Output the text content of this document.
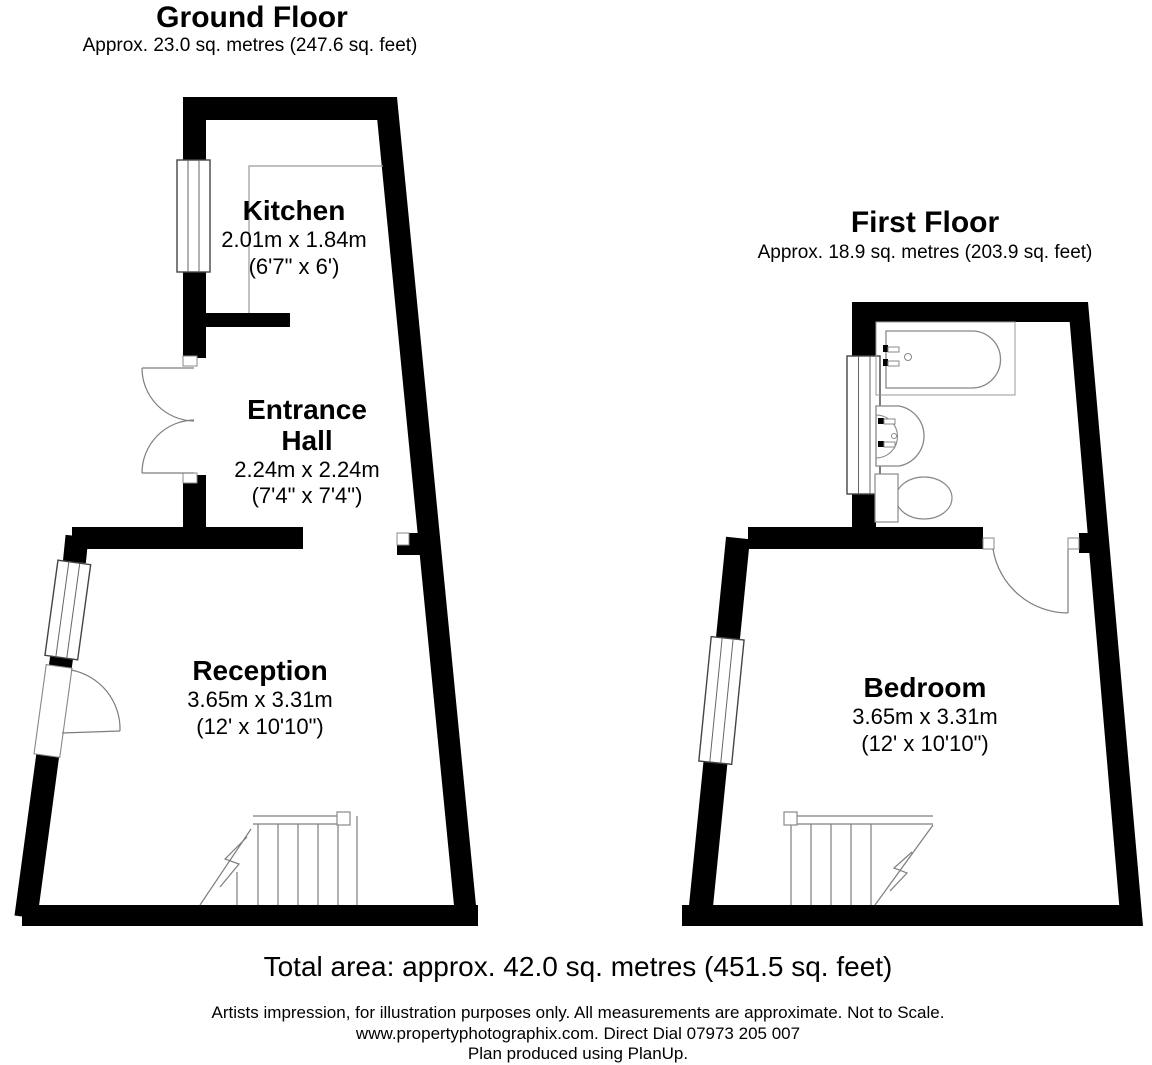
Ground Floor
Approx. 23.0 sq. metres (247.6 sq. feet)
First Floor
Approx. 18.9 sq. metres (203.9 sq. feet)
Kitchen
2.01m x 1.84m
(6'7" x 6')
Entrance Hall
2.24m x 2.24m
(7'4" x 7'4")
Reception
3.65m x 3.31m
(12' x 10'10")
Bedroom
3.65m x 3.31m
(12' x 10'10")
Total area: approx. 42.0 sq. metres (451.5 sq. feet)
Artists impression, for illustration purposes only. All measurements are approximate. Not to Scale.
www.propertyphotographix.com. Direct Dial 07973 205 007
Plan produced using PlanUp.
